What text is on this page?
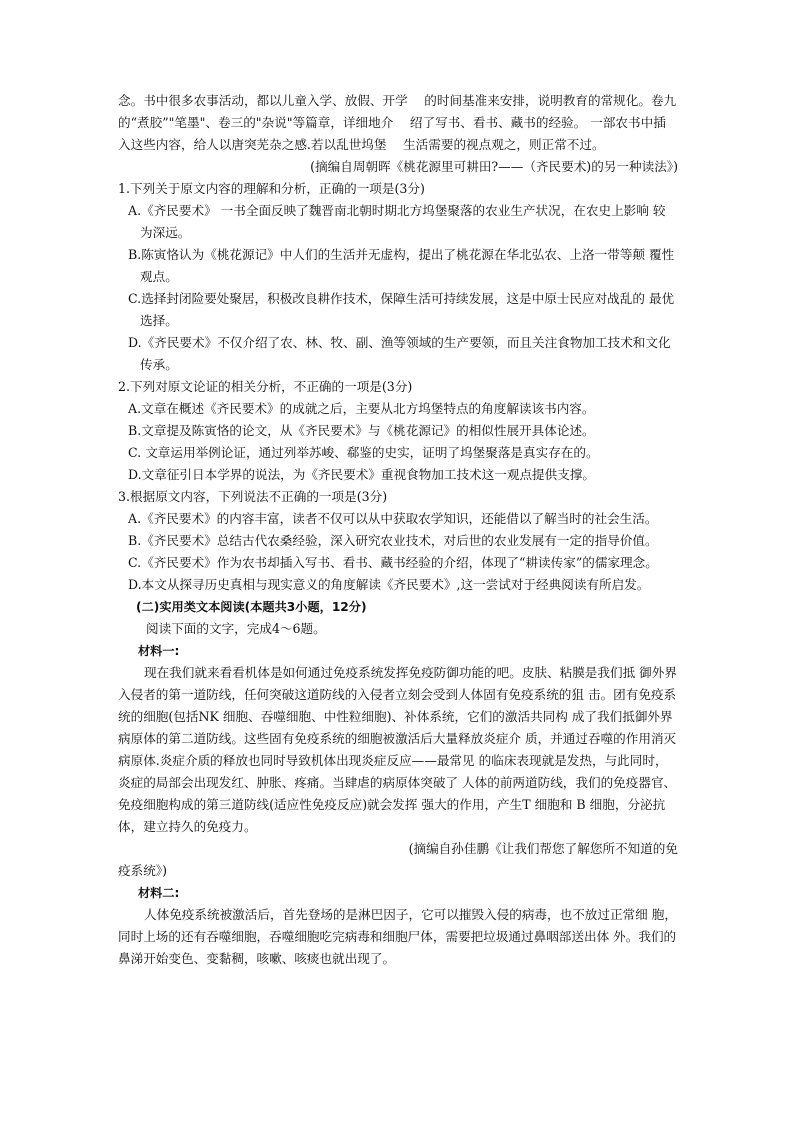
念。书中很多农事活动，都以儿童入学、放假、开学　 的时间基准来安排，说明教育的常规化。卷九的“煮胶”"笔墨"、卷三的"杂说"等篇章，详细地介　 绍了写书、看书、藏书的经验。 一部农书中插入这些内容，给人以唐突芜杂之感.若以乱世坞堡　 生活需要的视点观之，则正常不过。

(摘编自周朝晖《桃花源里可耕田?——（齐民要术)的另一种读法》)

1.下列关于原文内容的理解和分析，正确的一项是(3分)

A.《齐民要术》 一书全面反映了魏晋南北朝时期北方坞堡聚落的农业生产状况，在农史上影响 较为深远。

B.陈寅恪认为《桃花源记》中人们的生活并无虚构，提出了桃花源在华北弘农、上洛一带等颠 覆性观点。

C.选择封闭险要处聚居，积极改良耕作技术，保障生活可持续发展，这是中原士民应对战乱的 最优选择。

D.《齐民要术》不仅介绍了农、林、牧、副、渔等领域的生产要领，而且关注食物加工技术和文化 传承。

2.下列对原文论证的相关分析，不正确的一项是(3分)

A.文章在概述《齐民要术》的成就之后，主要从北方坞堡特点的角度解读该书内容。

B.文章提及陈寅恪的论文，从《齐民要术》与《桃花源记》的相似性展开具体论述。

C. 文章运用举例论证，通过列举苏峻、郗鉴的史实，证明了坞堡聚落是真实存在的。

D.文章征引日本学界的说法，为《齐民要术》重视食物加工技术这一观点提供支撑。

3.根据原文内容，下列说法不正确的一项是(3分)

A.《齐民要术》的内容丰富，读者不仅可以从中获取农学知识，还能借以了解当时的社会生活。

B.《齐民要术》总结古代农桑经验，深入研究农业技术，对后世的农业发展有一定的指导价值。

C.《齐民要术》作为农书却插入写书、看书、藏书经验的介绍，体现了“耕读传家”的儒家理念。

D.本文从探寻历史真相与现实意义的角度解读《齐民要术》,这一尝试对于经典阅读有所启发。

(二)实用类文本阅读(本题共3小题，12分)

阅读下面的文字，完成4～6题。

材料一:

现在我们就来看看机体是如何通过免疫系统发挥免疫防御功能的吧。皮肤、粘膜是我们抵 御外界入侵者的第一道防线，任何突破这道防线的入侵者立刻会受到人体固有免疫系统的狙 击。团有免疫系统的细胞(包括NK 细胞、吞噬细胞、中性粒细胞)、补体系统，它们的激活共同构 成了我们抵御外界病原体的第二道防线。这些固有免疫系统的细胞被激活后大量释放炎症介 质，并通过吞噬的作用消灭病原体.炎症介质的释放也同时导致机体出现炎症反应——最常见 的临床表现就是发热，与此同时，炎症的局部会出现发红、肿胀、疼痛。当肆虐的病原体突破了 人体的前两道防线，我们的免疫器官、免疫细胞构成的第三道防线(适应性免疫反应)就会发挥 强大的作用，产生T 细胞和 B 细胞，分泌抗体，建立持久的免疫力。

(摘编自孙佳鹏《让我们帮您了解您所不知道的免

疫系统》)

材料二:

人体免疫系统被激活后，首先登场的是淋巴因子，它可以摧毁入侵的病毒，也不放过正常细 胞，同时上场的还有吞噬细胞，吞噬细胞吃完病毒和细胞尸体，需要把垃圾通过鼻咽部送出体 外。我们的鼻涕开始变色、变黏稠，咳嗽、咳痰也就出现了。
